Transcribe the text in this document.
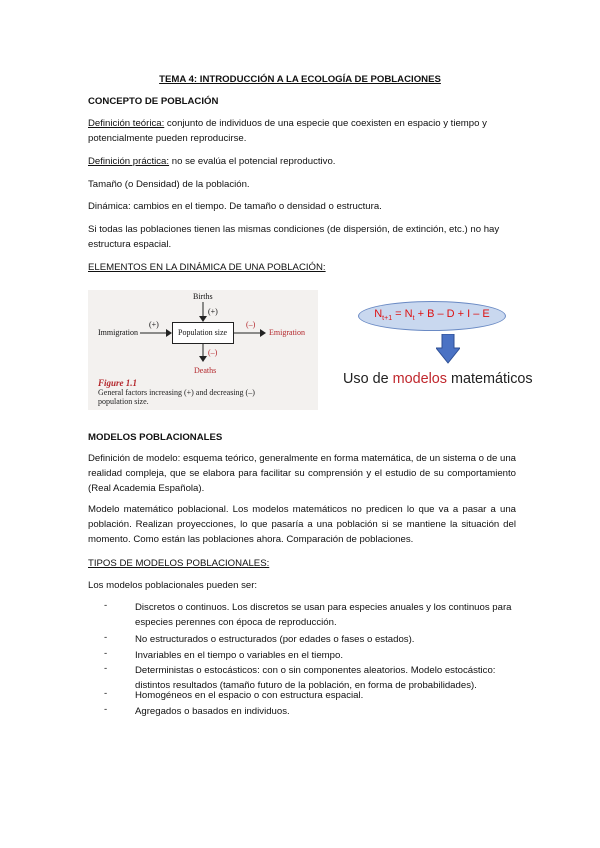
TEMA 4: INTRODUCCIÓN A LA ECOLOGÍA DE POBLACIONES
CONCEPTO DE POBLACIÓN
Definición teórica: conjunto de individuos de una especie que coexisten en espacio y tiempo y potencialmente pueden reproducirse.
Definición práctica: no se evalúa el potencial reproductivo.
Tamaño (o Densidad) de la población.
Dinámica: cambios en el tiempo. De tamaño o densidad o estructura.
Si todas las poblaciones tienen las mismas condiciones (de dispersión, de extinción, etc.) no hay estructura espacial.
ELEMENTOS EN LA DINÁMICA DE UNA POBLACIÓN:
Births
(+)
Immigration
(+)
Population size
(–)
Emigration
(–)
Deaths
Figure 1.1
General factors increasing (+) and decreasing (–)
population size.
$N_{t+1} = N_t + B - D + I - E$
Uso de modelos matemáticos
MODELOS POBLACIONALES
Definición de modelo: esquema teórico, generalmente en forma matemática, de un sistema o de una realidad compleja, que se elabora para facilitar su comprensión y el estudio de su comportamiento (Real Academia Española).
Modelo matemático poblacional. Los modelos matemáticos no predicen lo que va a pasar a una población. Realizan proyecciones, lo que pasaría a una población si se mantiene la situación del momento. Como están las poblaciones ahora. Comparación de poblaciones.
TIPOS DE MODELOS POBLACIONALES:
Los modelos poblacionales pueden ser:
-	Discretos o continuos. Los discretos se usan para especies anuales y los continuos para especies perennes con época de reproducción.
-	No estructurados o estructurados (por edades o fases o estados).
-	Invariables en el tiempo o variables en el tiempo.
-	Deterministas o estocásticos: con o sin componentes aleatorios. Modelo estocástico: distintos resultados (tamaño futuro de la población, en forma de probabilidades).
-	Homogéneos en el espacio o con estructura espacial.
-	Agregados o basados en individuos.
